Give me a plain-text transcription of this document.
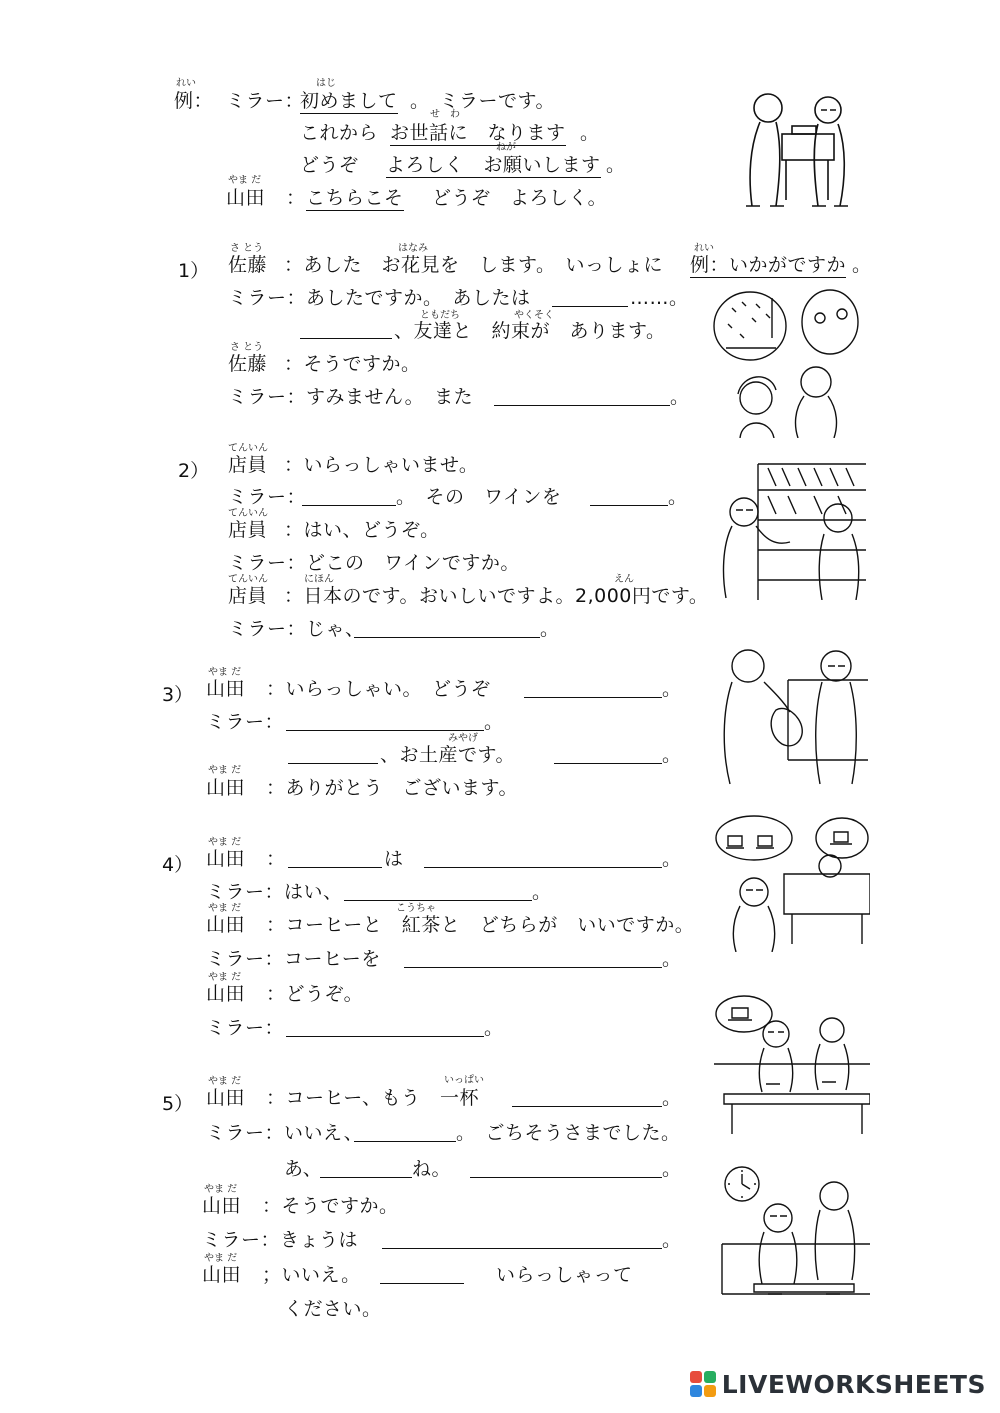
れい
例： ミラー：
はじ
初めまして 。　ミラーです。
これから
せ　わ
お世話に　なります 。
どうぞ
ねが
よろしく　お願いします 。
やま だ
山田 ： こちらこそ どうぞ　よろしく。
1）
さ とう
佐藤
はなみ
：あした　お花見を　します。　いっしょに
れい
例：いかがですか 。
ミラー：あしたですか。　あしたは	……。
ともだち	やくそく
、友達と　約束が　あります。
さ とう
佐藤 ：そうですか。
ミラー：すみません。　また	。
2）
てんいん
店員 ：いらっしゃいませ。
ミラー：	。　その　ワインを	。
てんいん
店員 ：はい、どうぞ。
ミラー：どこの　ワインですか。
てんいん	にほん	えん
店員 ：日本のです。おいしいですよ。2,000円です。
ミラー：じゃ、	。
3）
やま だ
山田 ：いらっしゃい。　どうぞ	。
ミラー：	。
みやげ
、お土産です。	。
やま だ
山田 ：ありがとう　ございます。
4）
やま だ
山田 ：	は	。
ミラー：はい、	。
やま だ	こうちゃ
山田 ：コーヒーと　紅茶と　どちらが　いいですか。
ミラー：コーヒーを	。
やま だ
山田 ：どうぞ。
ミラー：	。
5）
やま だ
山田
いっぱい
：コーヒー、もう　一杯	。
ミラー：いいえ、	。　ごちそうさまでした。
あ、	ね。	。
やま だ
山田 ：そうですか。
ミラー：きょうは	。
やま だ
山田 ；いいえ。	いらっしゃって
ください。
LIVEWORKSHEETS
